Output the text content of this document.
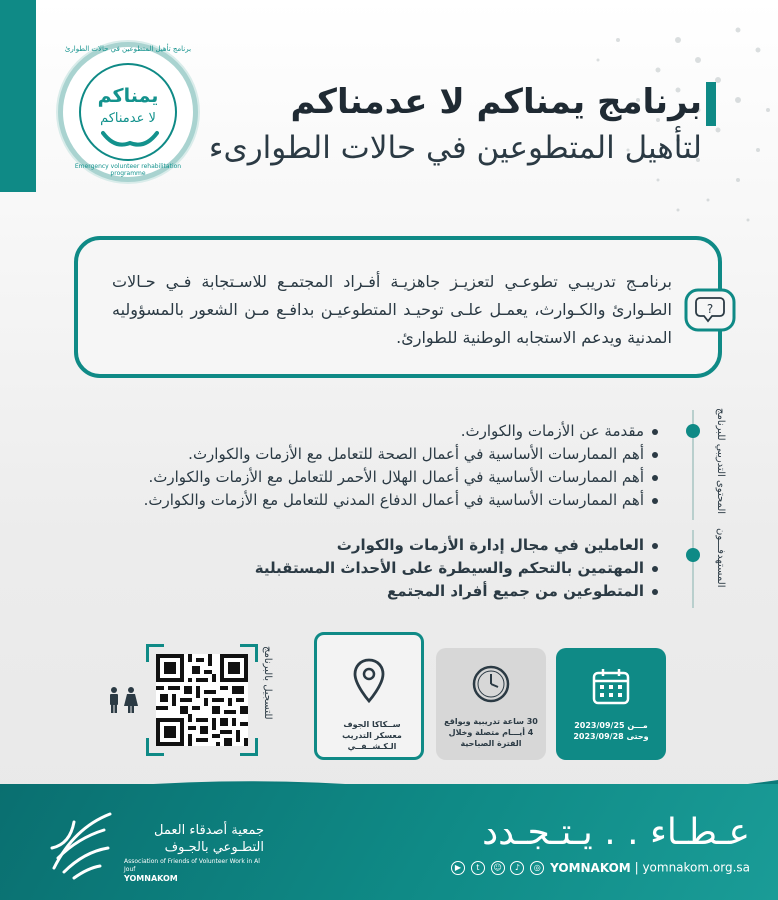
برنامج تأهيل المتطوعين في حالات الطوارئ
يمناكم
لا عدمناكم
Emergency volunteer rehabilitation programme
برنامج يمناكم لا عدمناكم
لتأهيل المتطوعين في حالات الطوارىء
برنامـج تدريبـي تطوعـي لتعزيـز جاهزيـة أفـراد المجتمـع للاسـتجابة فـي حـالات الطـوارئ والكـوارث، يعمـل علـى توحيـد المتطوعيـن بدافـع مـن الشعور بالمسؤوليه المدنية ويدعم الاستجابه الوطنية للطوارئ.
?
المحتوى التدريبي للبرنامج
مقدمة عن الأزمات والكوارث.
أهم الممارسات الأساسية في أعمال الصحة للتعامل مع الأزمات والكوارث.
أهم الممارسات الأساسية في أعمال الهلال الأحمر للتعامل مع الأزمات والكوارث.
أهم الممارسات الأساسية في أعمال الدفاع المدني للتعامل مع الأزمات والكوارث.
المستهدفـــون
العاملين في مجال إدارة الأزمات والكوارث
المهتمين بالتحكم والسيطرة على الأحداث المستقبلية
المتطوعين من جميع أفراد المجتمع
مـــن 2023/09/25
وحتى 2023/09/28
30 ساعة تدريبية وبواقع
4 أيـــام متصلة وخلال
الفترة الصباحية
ســكاكا الجوف
معسكر التدريب
الـكـشــفــي
للتسجيل بالبرنامج
عـطـاء . . يـتـجـدد
▶ t ☺ ♪ ◎ YOMNAKOM | yomnakom.org.sa
جمعية أصدقاء العمل
التطـوعي بالجـوف
Association of Friends of Volunteer Work in Al Jouf
YOMNAKOM
